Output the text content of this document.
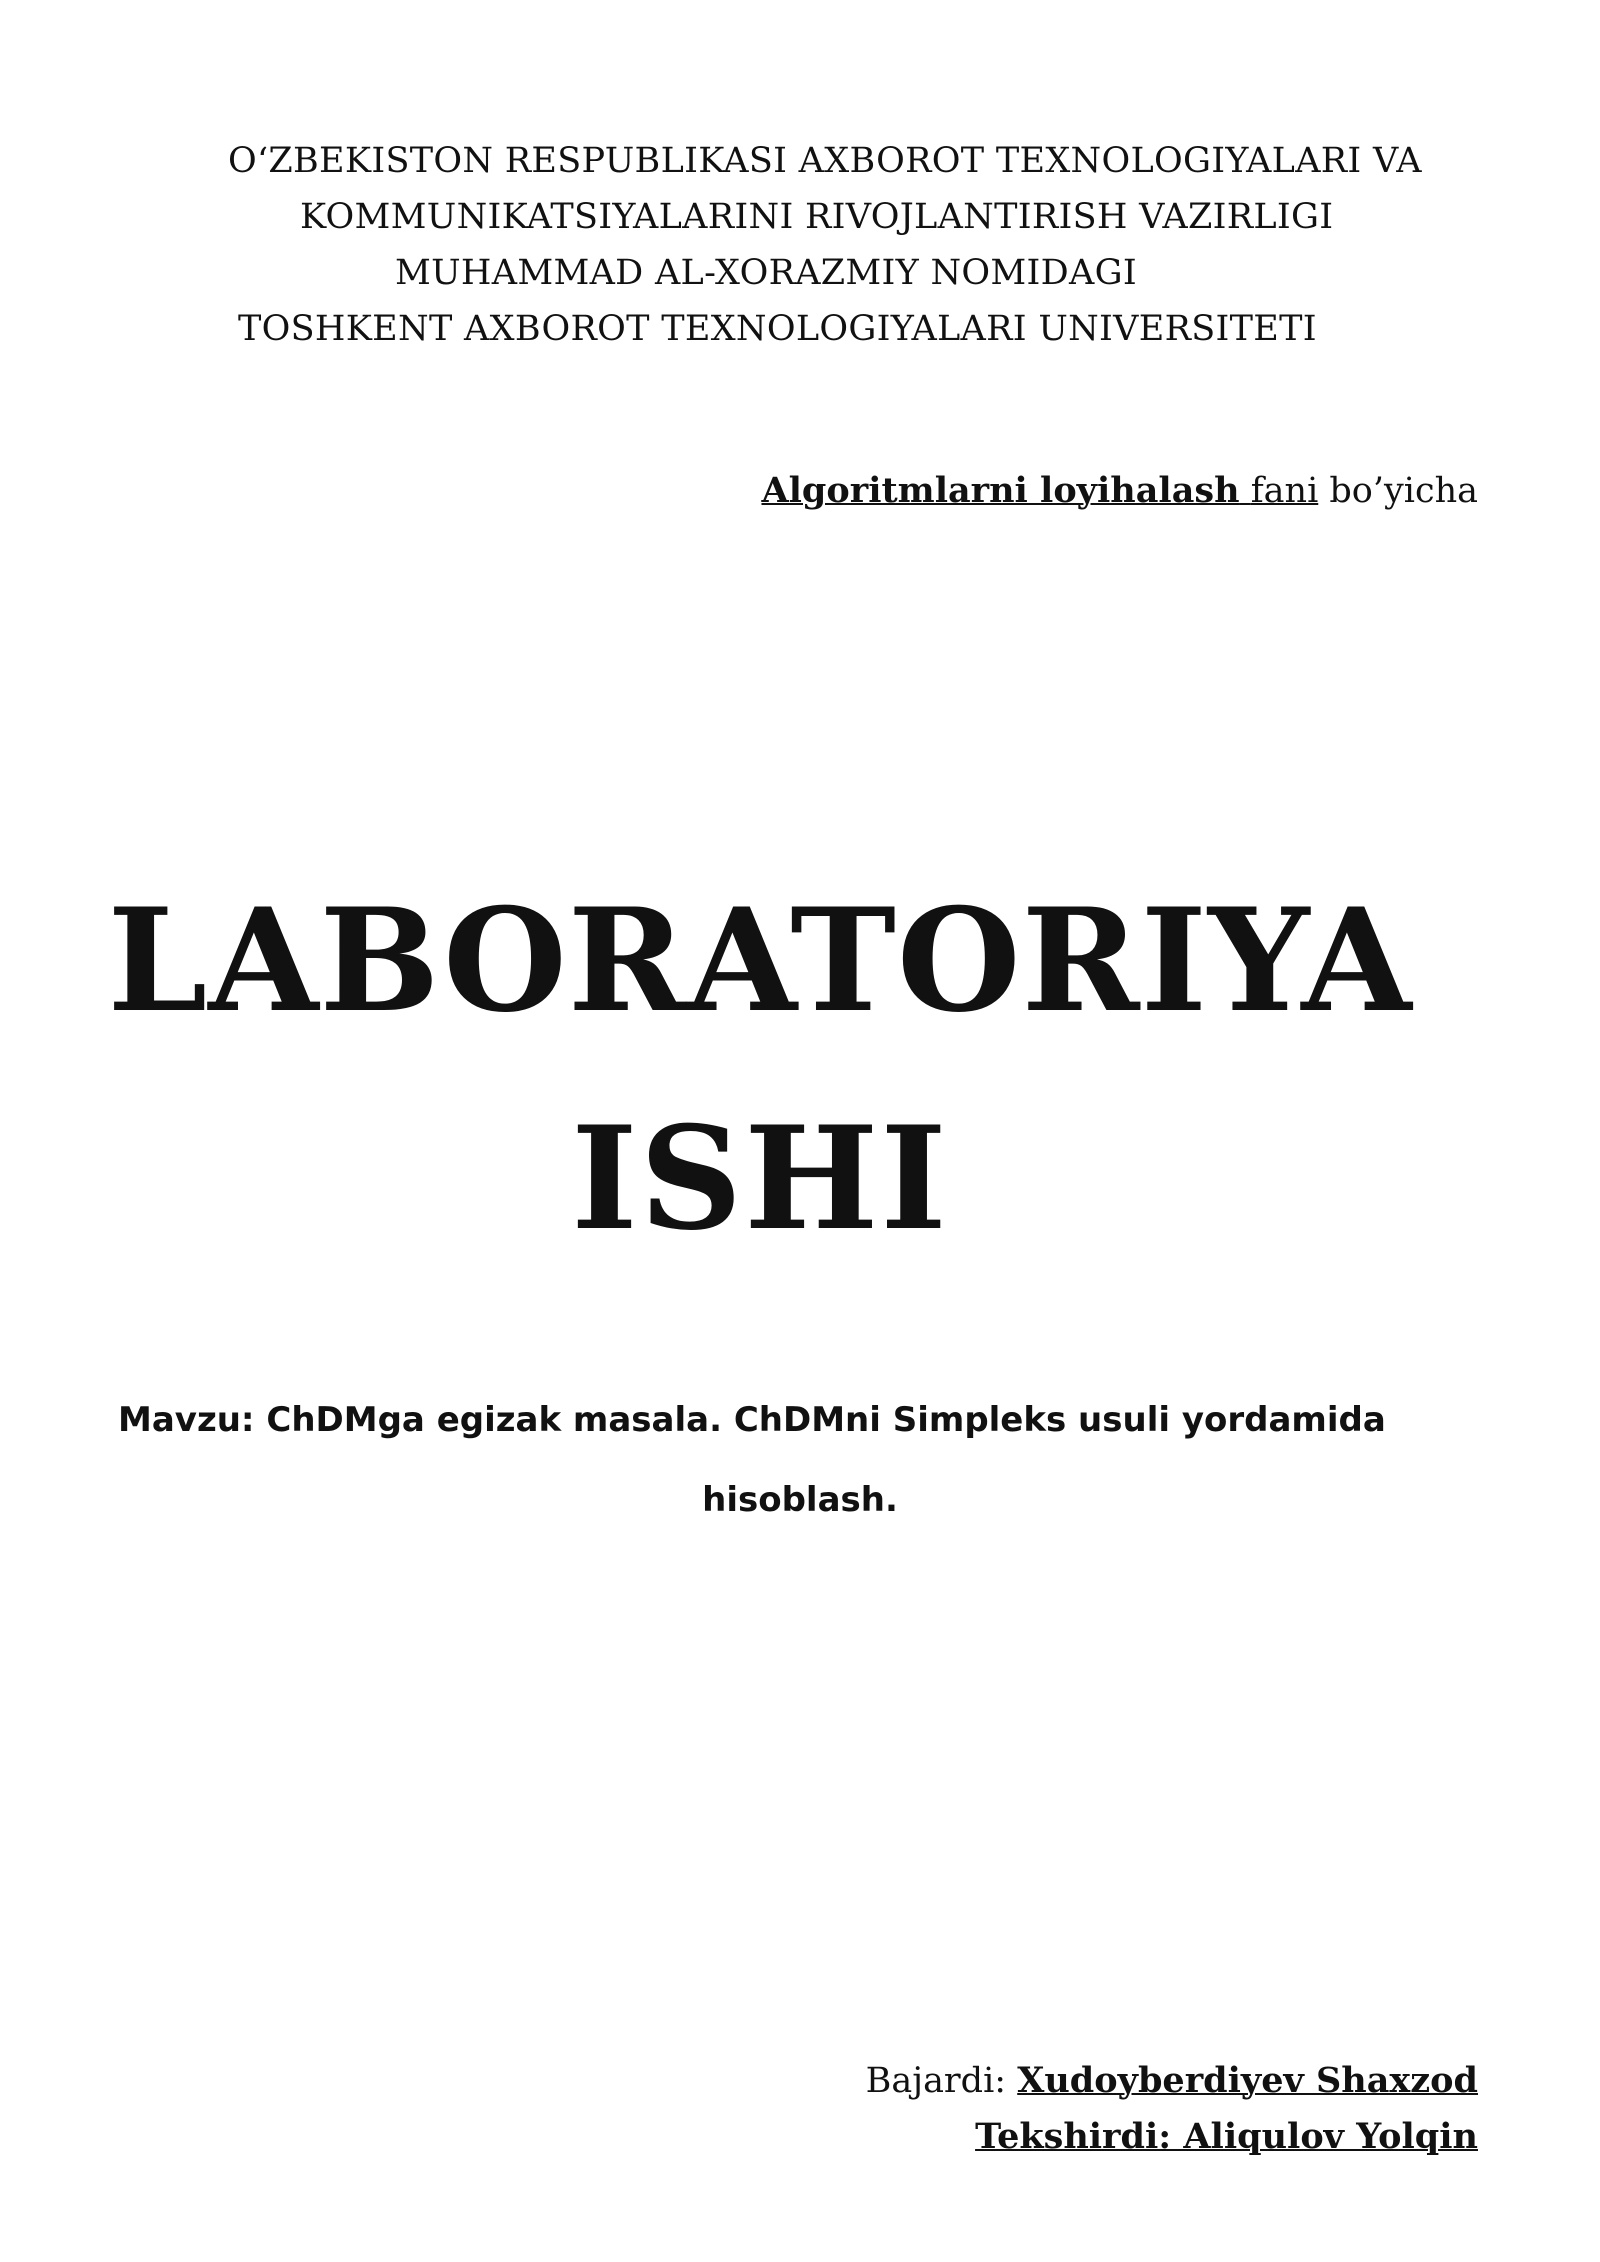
O‘ZBEKISTON RESPUBLIKASI AXBOROT TEXNOLOGIYALARI VA
KOMMUNIKATSIYALARINI RIVOJLANTIRISH VAZIRLIGI
MUHAMMAD AL-XORAZMIY NOMIDAGI
TOSHKENT AXBOROT TEXNOLOGIYALARI UNIVERSITETI
Algoritmlarni loyihalash fani bo’yicha
LABORATORIYA
ISHI
Mavzu: ChDMga egizak masala. ChDMni Simpleks usuli yordamida
hisoblash.
Bajardi: Xudoyberdiyev Shaxzod
Tekshirdi: Aliqulov Yolqin
